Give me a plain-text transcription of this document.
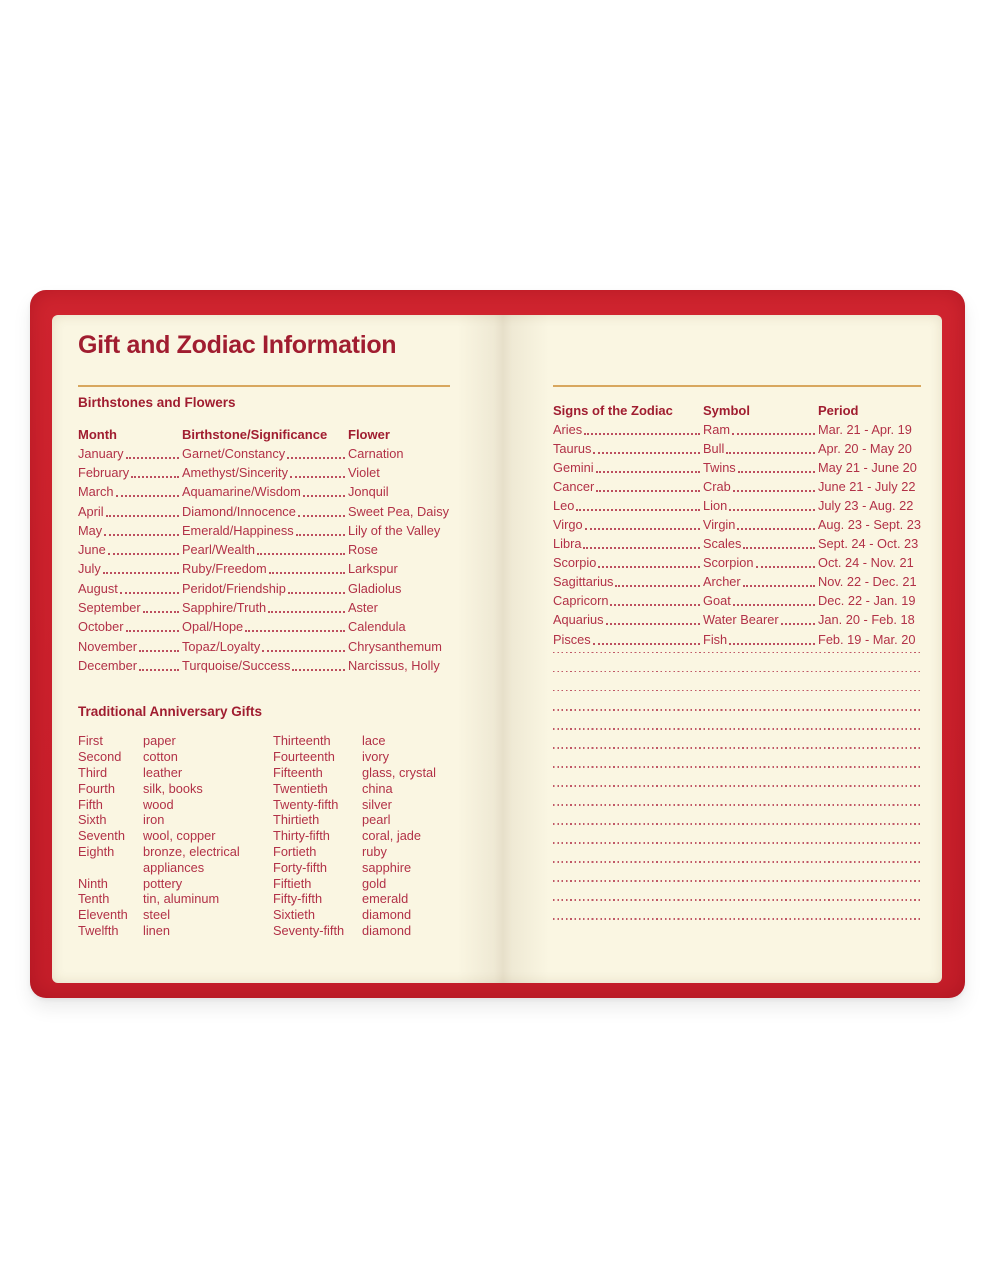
Gift and Zodiac Information
Birthstones and Flowers
Month	Birthstone/Significance	Flower
January	Garnet/Constancy	Carnation
February	Amethyst/Sincerity	Violet
March	Aquamarine/Wisdom	Jonquil
April	Diamond/Innocence	Sweet Pea, Daisy
May	Emerald/Happiness	Lily of the Valley
June	Pearl/Wealth	Rose
July	Ruby/Freedom	Larkspur
August	Peridot/Friendship	Gladiolus
September	Sapphire/Truth	Aster
October	Opal/Hope	Calendula
November	Topaz/Loyalty	Chrysanthemum
December	Turquoise/Success	Narcissus, Holly
Traditional Anniversary Gifts
First	paper
Second	cotton
Third	leather
Fourth	silk, books
Fifth	wood
Sixth	iron
Seventh	wool, copper
Eighth	bronze, electrical appliances
Ninth	pottery
Tenth	tin, aluminum
Eleventh	steel
Twelfth	linen
Thirteenth	lace
Fourteenth	ivory
Fifteenth	glass, crystal
Twentieth	china
Twenty-fifth	silver
Thirtieth	pearl
Thirty-fifth	coral, jade
Fortieth	ruby
Forty-fifth	sapphire
Fiftieth	gold
Fifty-fifth	emerald
Sixtieth	diamond
Seventy-fifth	diamond
Signs of the Zodiac	Symbol	Period
Aries	Ram	Mar. 21 - Apr. 19
Taurus	Bull	Apr. 20 - May 20
Gemini	Twins	May 21 - June 20
Cancer	Crab	June 21 - July 22
Leo	Lion	July 23 - Aug. 22
Virgo	Virgin	Aug. 23 - Sept. 23
Libra	Scales	Sept. 24 - Oct. 23
Scorpio	Scorpion	Oct. 24 - Nov. 21
Sagittarius	Archer	Nov. 22 - Dec. 21
Capricorn	Goat	Dec. 22 - Jan. 19
Aquarius	Water Bearer	Jan. 20 - Feb. 18
Pisces	Fish	Feb. 19 - Mar. 20
